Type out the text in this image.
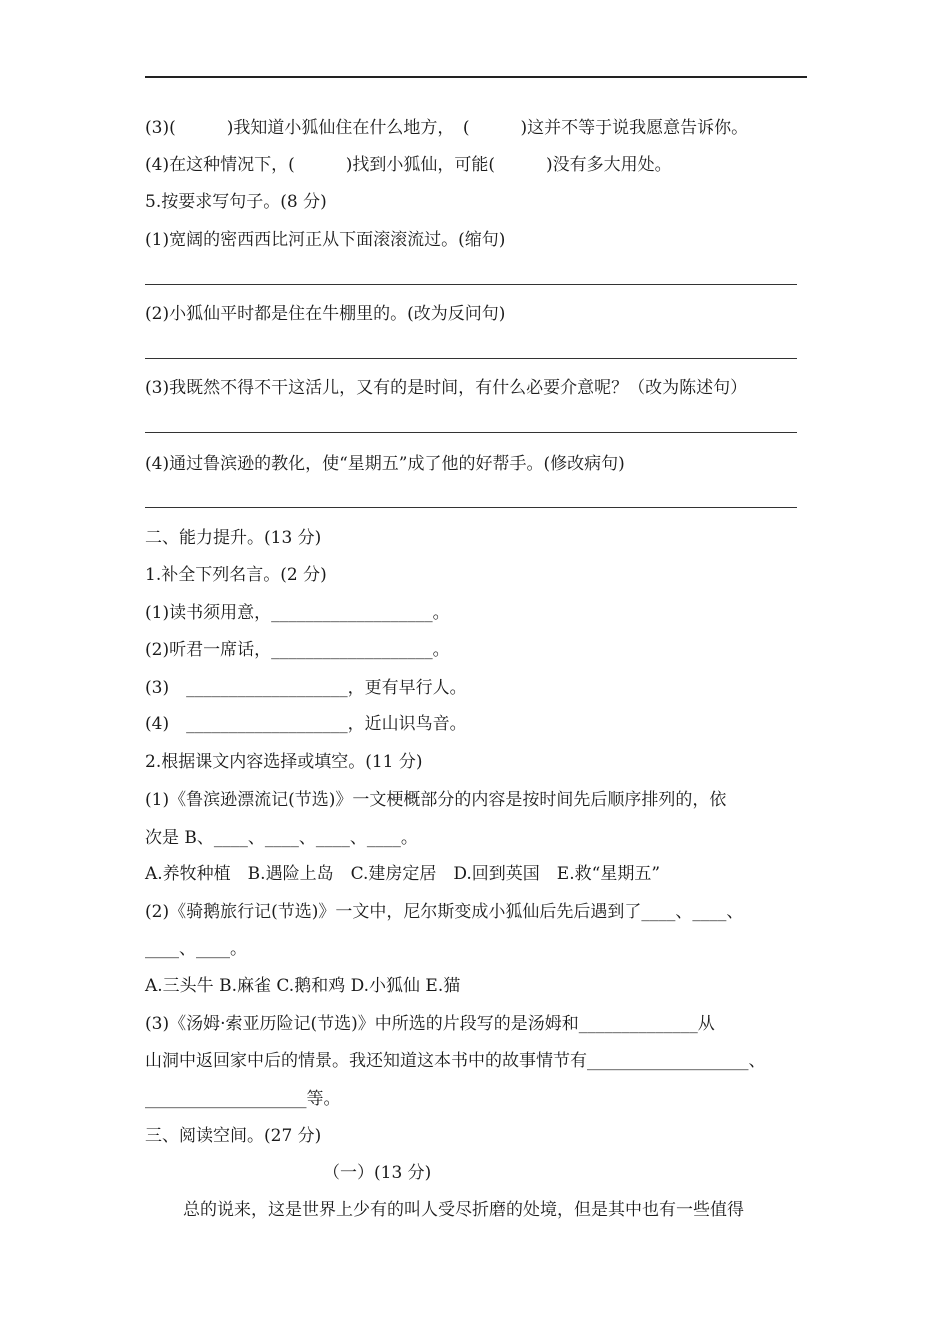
(3)(　　　)我知道小狐仙住在什么地方，　(　　　)这并不等于说我愿意告诉你。
(4)在这种情况下，(　　　)找到小狐仙，可能(　　　)没有多大用处。
5.按要求写句子。(8 分)
(1)宽阔的密西西比河正从下面滚滚流过。(缩句)
(2)小狐仙平时都是住在牛棚里的。(改为反问句)
(3)我既然不得不干这活儿，又有的是时间，有什么必要介意呢？（改为陈述句）
(4)通过鲁滨逊的教化，使“星期五”成了他的好帮手。(修改病句)
二、能力提升。(13 分)
1.补全下列名言。(2 分)
(1)读书须用意，___________________。
(2)听君一席话，___________________。
(3)　___________________，更有早行人。
(4)　___________________，近山识鸟音。
2.根据课文内容选择或填空。(11 分)
(1)《鲁滨逊漂流记(节选)》一文梗概部分的内容是按时间先后顺序排列的，依
次是 B、____、____、____、____。
A.养牧种植　B.遇险上岛　C.建房定居　D.回到英国　E.救“星期五”
(2)《骑鹅旅行记(节选)》一文中，尼尔斯变成小狐仙后先后遇到了____、____、
____、____。
A.三头牛 B.麻雀 C.鹅和鸡 D.小狐仙 E.猫
(3)《汤姆·索亚历险记(节选)》中所选的片段写的是汤姆和______________从
山洞中返回家中后的情景。我还知道这本书中的故事情节有___________________、
___________________等。
三、阅读空间。(27 分)
（一）(13 分)
总的说来，这是世界上少有的叫人受尽折磨的处境，但是其中也有一些值得
